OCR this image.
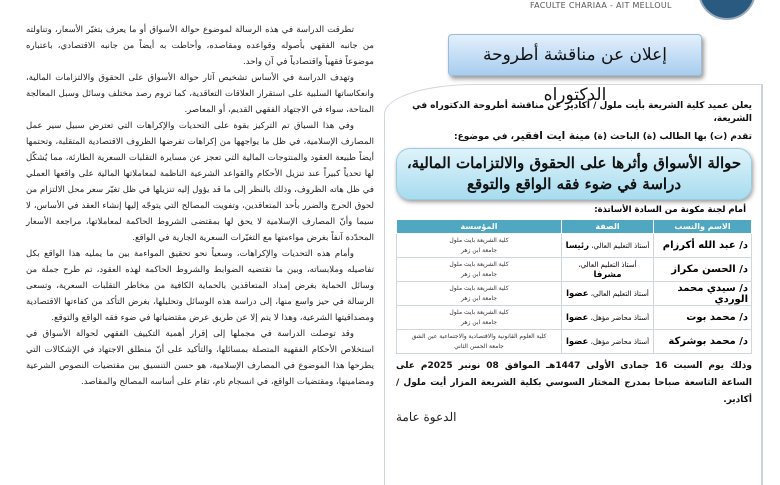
FACULTE CHARIAA - AIT MELLOUL

تطرقت الدراسة في هذه الرسالة لموضوع حوالة الأسواق أو ما يعرف بتغيّر الأسعار، وتناولته من جانبه الفقهي بأصوله وقواعده ومقاصده، وأحاطت به أيضاً من جانبه الاقتصادي، باعتباره موضوعاً فقهياً واقتصادياً في آن واحد.

وتهدف الدراسة في الأساس تشخيص آثار حوالة الأسواق على الحقوق والالتزامات المالية، وانعكاساتها السلبية على استقرار العلاقات التعاقدية، كما تروم رصد مختلف وسائل وسبل المعالجة المتاحة، سواء في الاجتهاد الفقهي القديم، أو المعاصر.

وفي هذا السياق تم التركيز بقوة على التحديات والإكراهات التي تعترض سبيل سير عمل المصارف الإسلامية، في ظل ما يواجهها من إكراهات تفرضها الظروف الاقتصادية المتقلبة، وتحتمها أيضاً طبيعة العقود والمنتوجات المالية التي تعجز عن مسايرة التقلبات السعرية الطارئة، مما يُشكّل لها تحدياً كبيراً عند تنزيل الأحكام والقواعد الشرعية الناظمة لمعاملاتها المالية على واقعها العملي في ظل هاته الظروف، وذلك بالنظر إلى ما قد يؤول إليه تنزيلها في ظل تغيّر سعر محل الالتزام من لحوق الحرج والضرر بأحد المتعاقدين، وتفويت المصالح التي يتوجّه إليها إنشاء العقد في الأساس، لا سيما وأنّ المصارف الإسلامية لا يحق لها بمقتضى الشروط الحاكمة لمعاملاتها، مراجعة الأسعار المحدّدة آنفاً بغرض مواءمتها مع التغيّرات السعرية الجارية في الواقع.

وأمام هذه التحديات والإكراهات، وسعياً نحو تحقيق المواءمة بين ما يمليه هذا الواقع بكل تفاصيله وملابساته، وبين ما تقتضيه الضوابط والشروط الحاكمة لهذه العقود، تم طرح جملة من وسائل الحماية بغرض إمداد المتعاقدين بالحماية الكافية من مخاطر التقلبات السعرية، وتسعى الرسالة في حيز واسع منها، إلى دراسة هذه الوسائل وتحليلها، بغرض التأكد من كفاءتها الاقتصادية ومصداقيتها الشرعية، وهذا لا يتم إلا عن طريق عرض مقتضياتها في ضوء فقه الواقع والتوقع.

وقد توصلت الدراسة في مجملها إلى إقرار أهمية التكييف الفقهي لحوالة الأسواق في استخلاص الأحكام الفقهية المتصلة بمسائلها، والتأكيد على أنّ منطلق الاجتهاد في الإشكالات التي يطرحها هذا الموضوع في المصارف الإسلامية، هو حسن التنسيق بين مقتضيات النصوص الشرعية ومضامينها، ومقتضيات الواقع، في انسجام تام، تقام على أساسه المصالح والمقاصد.

إعلان عن مناقشة أطروحة الدكتوراه
يعلن عميد كلية الشريعة بأيت ملول / أكادير عن مناقشة أطروحة الدكتوراه في الشريعة،
تقدم (ت) بها الطالب (ة) الباحث (ة) مينة ايت افقير، في موضوع:
حوالة الأسواق وأثرها على الحقوق والالتزامات المالية،
دراسة في ضوء فقه الواقع والتوقع
أمام لجنة مكونة من السادة الأساتذة:
الاسم والنسب	الصفة	المؤسسة
د/ عبد الله أكرزام	أستاذ التعليم العالي، رئيسا	كلية الشريعة بايت ملول
جامعة ابن زهر

د/ الحسن مكراز	أستاذ التعليم العالي، مشرفا	كلية الشريعة بايت ملول
جامعة ابن زهر

د/ سيدي محمد الوردي	أستاذ التعليم العالي، عضوا	كلية الشريعة بايت ملول
جامعة ابن زهر

د/ محمد بوت	أستاذ محاضر مؤهل، عضوا	كلية الشريعة بايت ملول
جامعة ابن زهر

د/ محمد بوشركة	أستاذ محاضر مؤهل، عضوا	كلية العلوم القانونية والاقتصادية والاجتماعية عين الشق
جامعة الحسن الثاني
وذلك يوم السبت 16 جمادى الأولى 1447هـ الموافق 08 نونبر 2025م على الساعة التاسعة صباحا بمدرج المختار السوسي بكلية الشريعة المزار أيت ملول / أكادير.
الدعوة عامة
